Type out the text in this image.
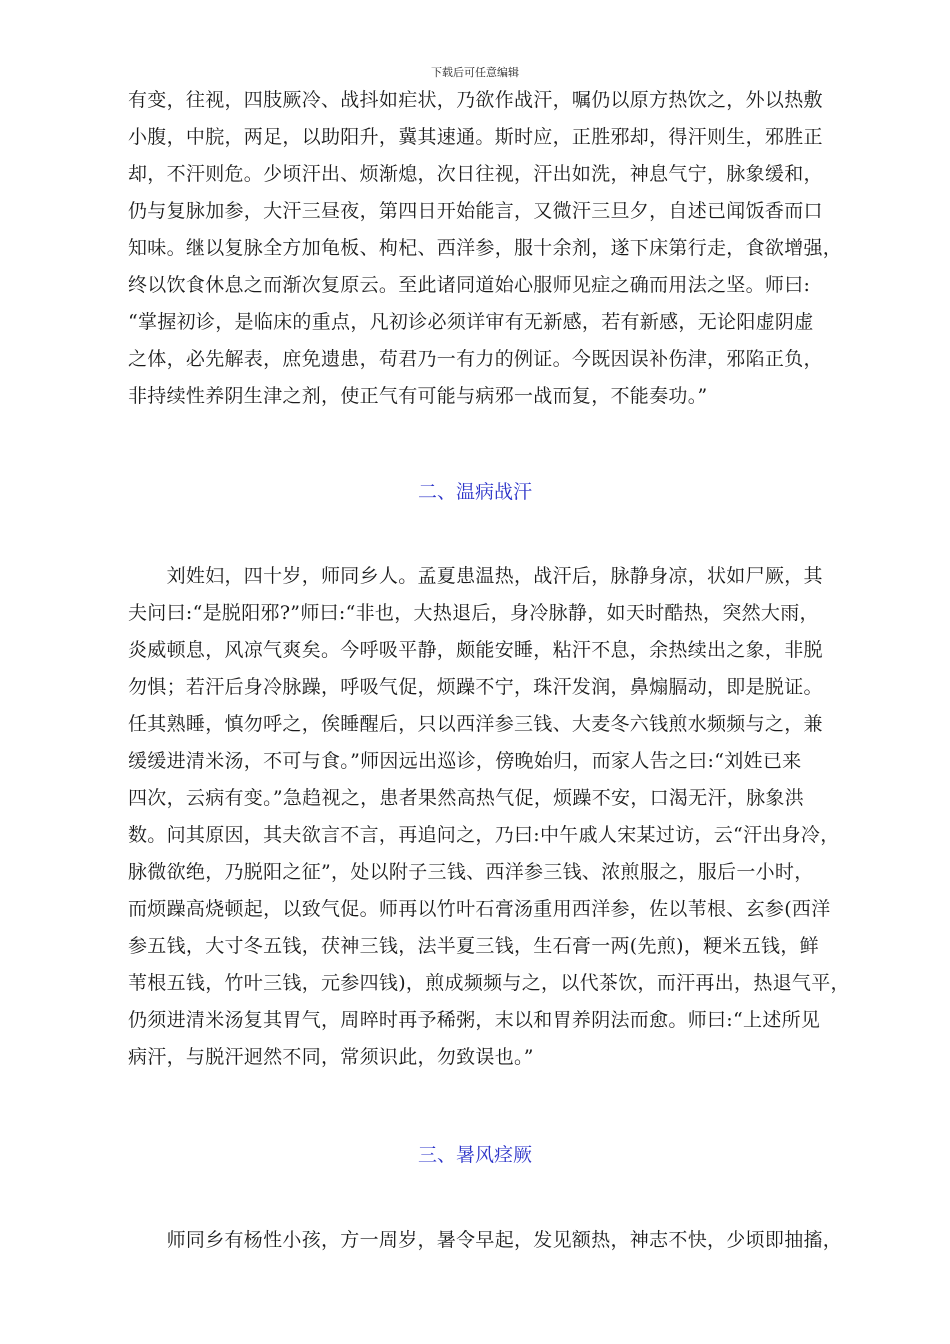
下载后可任意编辑
有变，往视，四肢厥冷、战抖如疟状，乃欲作战汗，嘱仍以原方热饮之，外以热敷
小腹，中脘，两足，以助阳升，冀其速通。斯时应，正胜邪却，得汗则生，邪胜正
却，不汗则危。少顷汗出、烦渐熄，次日往视，汗出如洗，神息气宁，脉象缓和，
仍与复脉加参，大汗三昼夜，第四日开始能言，又微汗三旦夕，自述已闻饭香而口
知味。继以复脉全方加龟板、枸杞、西洋参，服十余剂，遂下床第行走，食欲增强，
终以饮食休息之而渐次复原云。至此诸同道始心服师见症之确而用法之坚。师曰:
“掌握初诊，是临床的重点，凡初诊必须详审有无新感，若有新感，无论阳虚阴虚
之体，必先解表，庶免遗患，苟君乃一有力的例证。今既因误补伤津，邪陷正负，
非持续性养阴生津之剂，使正气有可能与病邪一战而复，不能奏功。”
二、温病战汗
　　刘姓妇，四十岁，师同乡人。孟夏患温热，战汗后，脉静身凉，状如尸厥，其
夫问曰:“是脱阳邪?”师曰:“非也，大热退后，身冷脉静，如天时酷热，突然大雨，
炎威顿息，风凉气爽矣。今呼吸平静，颇能安睡，粘汗不息，余热续出之象，非脱
勿惧；若汗后身冷脉躁，呼吸气促，烦躁不宁，珠汗发润，鼻煽膈动，即是脱证。
任其熟睡，慎勿呼之，俟睡醒后，只以西洋参三钱、大麦冬六钱煎水频频与之，兼
缓缓进清米汤，不可与食。”师因远出巡诊，傍晚始归，而家人告之曰:“刘姓已来
四次，云病有变。”急趋视之，患者果然高热气促，烦躁不安，口渴无汗，脉象洪
数。问其原因，其夫欲言不言，再追问之，乃曰:中午戚人宋某过访，云“汗出身冷，
脉微欲绝，乃脱阳之征”，处以附子三钱、西洋参三钱、浓煎服之，服后一小时，
而烦躁高烧顿起，以致气促。师再以竹叶石膏汤重用西洋参，佐以苇根、玄参(西洋
参五钱，大寸冬五钱，茯神三钱，法半夏三钱，生石膏一两(先煎)，粳米五钱，鲜
苇根五钱，竹叶三钱，元参四钱)，煎成频频与之，以代茶饮，而汗再出，热退气平，
仍须进清米汤复其胃气，周晬时再予稀粥，末以和胃养阴法而愈。师曰:“上述所见
病汗，与脱汗迥然不同，常须识此，勿致误也。”
三、暑风痉厥
　　师同乡有杨性小孩，方一周岁，暑令早起，发见额热，神志不快，少顷即抽搐，
